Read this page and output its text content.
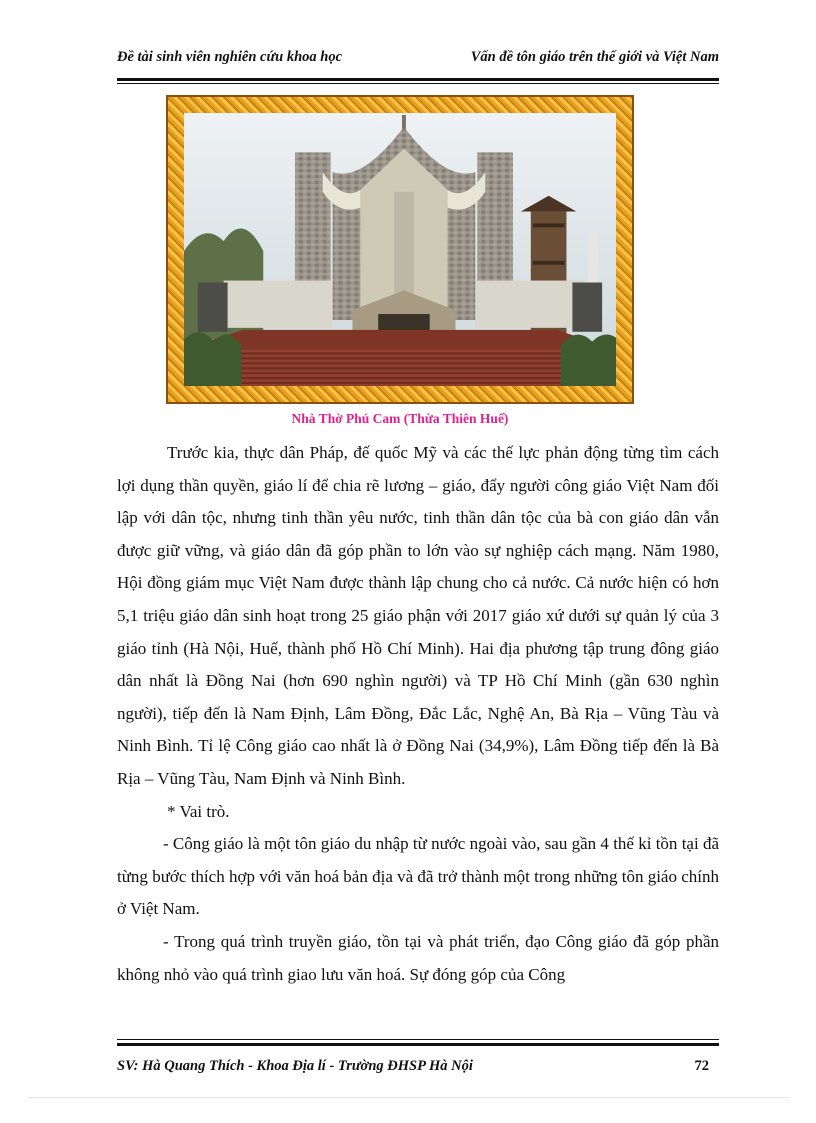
Đề tài sinh viên nghiên cứu khoa học	Vấn đề tôn giáo trên thế giới và Việt Nam
Nhà Thờ Phú Cam (Thừa Thiên Huế)

Trước kia, thực dân Pháp, đế quốc Mỹ và các thế lực phản động từng tìm cách lợi dụng thần quyền, giáo lí để chia rẽ lương – giáo, đẩy người công giáo Việt Nam đối lập với dân tộc, nhưng tinh thần yêu nước, tinh thần dân tộc của bà con giáo dân vẫn được giữ vững, và giáo dân đã góp phần to lớn vào sự nghiệp cách mạng. Năm 1980, Hội đồng giám mục Việt Nam được thành lập chung cho cả nước. Cả nước hiện có hơn 5,1 triệu giáo dân sinh hoạt trong 25 giáo phận với 2017 giáo xứ dưới sự quản lý của 3 giáo tỉnh (Hà Nội, Huế, thành phố Hồ Chí Minh). Hai địa phương tập trung đông giáo dân nhất là Đồng Nai (hơn 690 nghìn người) và TP Hồ Chí Minh (gần 630 nghìn người), tiếp đến là Nam Định, Lâm Đồng, Đắc Lắc, Nghệ An, Bà Rịa – Vũng Tàu và Ninh Bình. Tỉ lệ Công giáo cao nhất là ở Đồng Nai (34,9%), Lâm Đồng tiếp đến là Bà Rịa – Vũng Tàu, Nam Định và Ninh Bình.

* Vai trò.

- Công giáo là một tôn giáo du nhập từ nước ngoài vào, sau gần 4 thế kỉ tồn tại đã từng bước thích hợp với văn hoá bản địa và đã trở thành một trong những tôn giáo chính ở Việt Nam.

- Trong quá trình truyền giáo, tồn tại và phát triển, đạo Công giáo đã góp phần không nhỏ vào quá trình giao lưu văn hoá. Sự đóng góp của Công

SV: Hà Quang Thích - Khoa Địa lí - Trường ĐHSP Hà Nội	72
